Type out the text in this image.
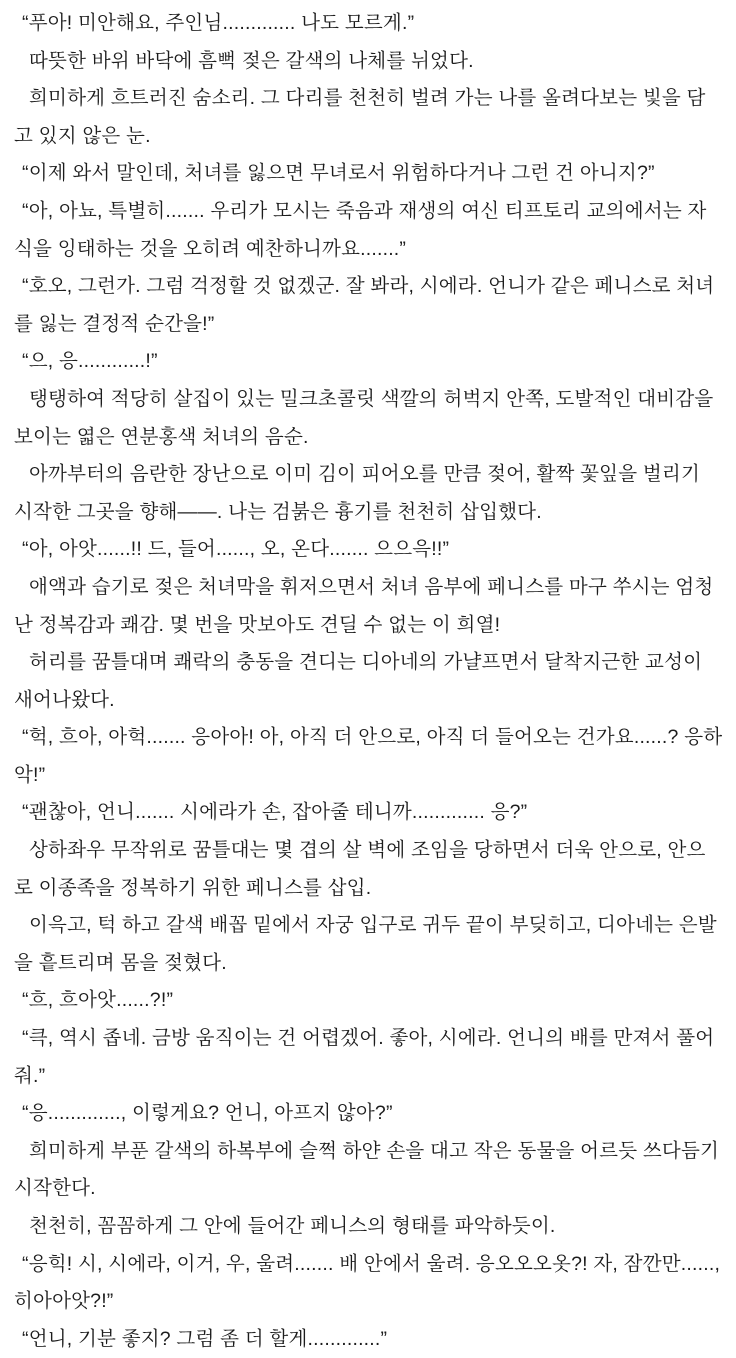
“푸아! 미안해요, 주인님............. 나도 모르게.”

따뜻한 바위 바닥에 흠뻑 젖은 갈색의 나체를 뉘었다.

희미하게 흐트러진 숨소리. 그 다리를 천천히 벌려 가는 나를 올려다보는 빛을 담고 있지 않은 눈.

“이제 와서 말인데, 처녀를 잃으면 무녀로서 위험하다거나 그런 건 아니지?”

“아, 아뇨, 특별히....... 우리가 모시는 죽음과 재생의 여신 티프토리 교의에서는 자식을 잉태하는 것을 오히려 예찬하니까요.......”

“호오, 그런가. 그럼 걱정할 것 없겠군. 잘 봐라, 시에라. 언니가 같은 페니스로 처녀를 잃는 결정적 순간을!”

“으, 응............!”

탱탱하여 적당히 살집이 있는 밀크초콜릿 색깔의 허벅지 안쪽, 도발적인 대비감을 보이는 엷은 연분홍색 처녀의 음순.

아까부터의 음란한 장난으로 이미 김이 피어오를 만큼 젖어, 활짝 꽃잎을 벌리기 시작한 그곳을 향해——. 나는 검붉은 흉기를 천천히 삽입했다.

“아, 아앗......!! 드, 들어......, 오, 온다....... 으으윽!!”

애액과 습기로 젖은 처녀막을 휘저으면서 처녀 음부에 페니스를 마구 쑤시는 엄청난 정복감과 쾌감. 몇 번을 맛보아도 견딜 수 없는 이 희열!

허리를 꿈틀대며 쾌락의 충동을 견디는 디아네의 가냘프면서 달착지근한 교성이 새어나왔다.

“헉, 흐아, 아헉....... 응아아! 아, 아직 더 안으로, 아직 더 들어오는 건가요......? 응하악!”

“괜찮아, 언니....... 시에라가 손, 잡아줄 테니까............. 응?”

상하좌우 무작위로 꿈틀대는 몇 겹의 살 벽에 조임을 당하면서 더욱 안으로, 안으로 이종족을 정복하기 위한 페니스를 삽입.

이윽고, 턱 하고 갈색 배꼽 밑에서 자궁 입구로 귀두 끝이 부딪히고, 디아네는 은발을 흩트리며 몸을 젖혔다.

“흐, 흐아앗......?!”

“큭, 역시 좁네. 금방 움직이는 건 어렵겠어. 좋아, 시에라. 언니의 배를 만져서 풀어줘.”

“응............., 이렇게요? 언니, 아프지 않아?”

희미하게 부푼 갈색의 하복부에 슬쩍 하얀 손을 대고 작은 동물을 어르듯 쓰다듬기 시작한다.

천천히, 꼼꼼하게 그 안에 들어간 페니스의 형태를 파악하듯이.

“응힉! 시, 시에라, 이거, 우, 울려....... 배 안에서 울려. 응오오오옷?! 자, 잠깐만......, 히아아앗?!”

“언니, 기분 좋지? 그럼 좀 더 할게.............”
